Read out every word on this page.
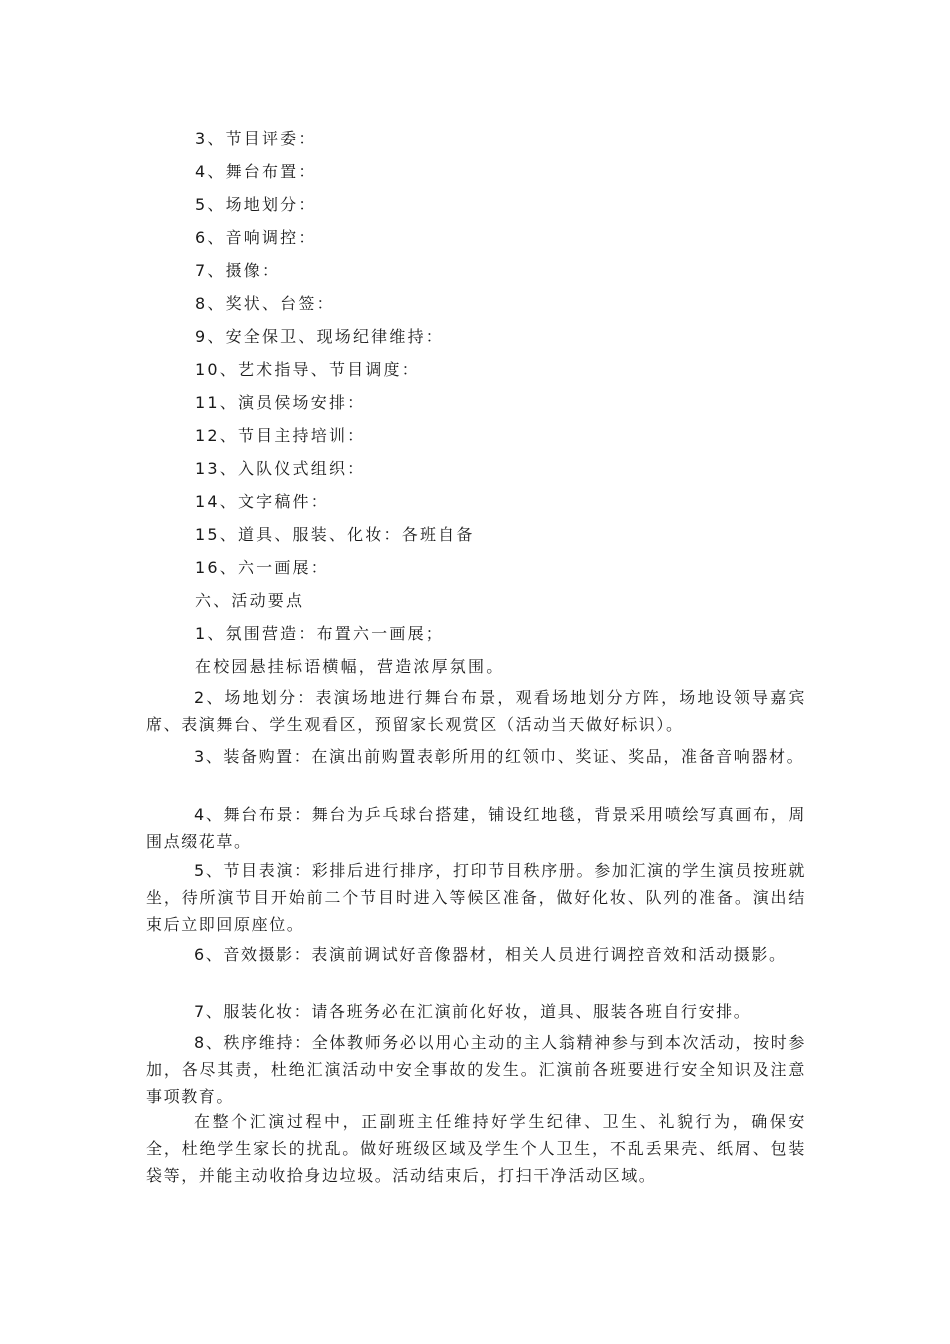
3、节目评委：
4、舞台布置：
5、场地划分：
6、音响调控：
7、摄像：
8、奖状、台签：
9、安全保卫、现场纪律维持：
10、艺术指导、节目调度：
11、演员侯场安排：
12、节目主持培训：
13、入队仪式组织：
14、文字稿件：
15、道具、服装、化妆：各班自备
16、六一画展：
六、活动要点
1、氛围营造：布置六一画展；
在校园悬挂标语横幅，营造浓厚氛围。
2、场地划分：表演场地进行舞台布景，观看场地划分方阵，场地设领导嘉宾席、表演舞台、学生观看区，预留家长观赏区（活动当天做好标识）。
3、装备购置：在演出前购置表彰所用的红领巾、奖证、奖品，准备音响器材。
4、舞台布景：舞台为乒乓球台搭建，铺设红地毯，背景采用喷绘写真画布，周围点缀花草。
5、节目表演：彩排后进行排序，打印节目秩序册。参加汇演的学生演员按班就坐，待所演节目开始前二个节目时进入等候区准备，做好化妆、队列的准备。演出结束后立即回原座位。
6、音效摄影：表演前调试好音像器材，相关人员进行调控音效和活动摄影。
7、服装化妆：请各班务必在汇演前化好妆，道具、服装各班自行安排。
8、秩序维持：全体教师务必以用心主动的主人翁精神参与到本次活动，按时参加，各尽其责，杜绝汇演活动中安全事故的发生。汇演前各班要进行安全知识及注意事项教育。
在整个汇演过程中，正副班主任维持好学生纪律、卫生、礼貌行为，确保安全，杜绝学生家长的扰乱。做好班级区域及学生个人卫生，不乱丢果壳、纸屑、包装袋等，并能主动收拾身边垃圾。活动结束后，打扫干净活动区域。
